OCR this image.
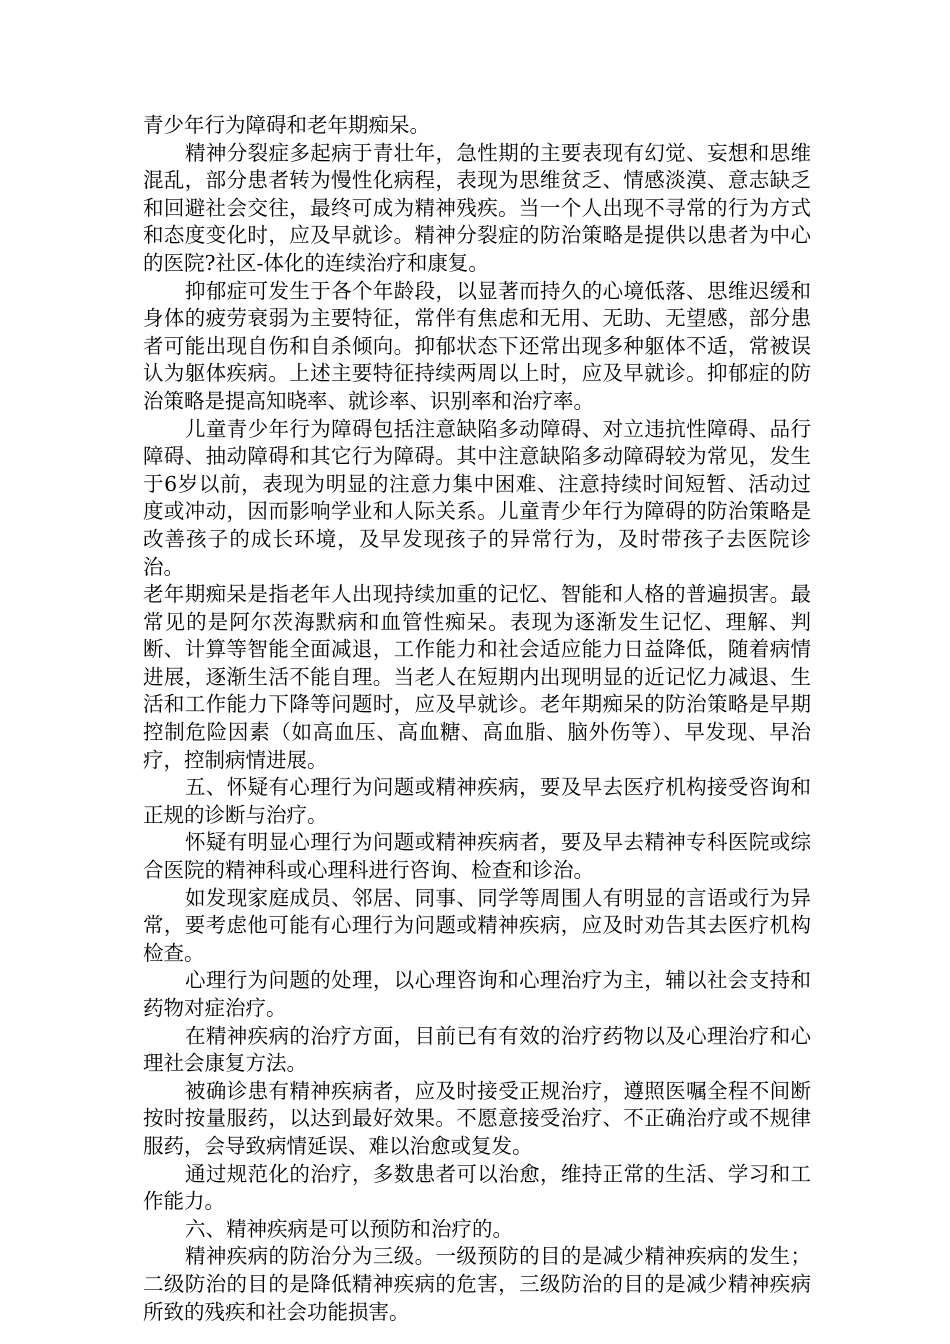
青少年行为障碍和老年期痴呆。

精神分裂症多起病于青壮年，急性期的主要表现有幻觉、妄想和思维混乱，部分患者转为慢性化病程，表现为思维贫乏、情感淡漠、意志缺乏和回避社会交往，最终可成为精神残疾。当一个人出现不寻常的行为方式和态度变化时，应及早就诊。精神分裂症的防治策略是提供以患者为中心的医院?社区-体化的连续治疗和康复。

抑郁症可发生于各个年龄段，以显著而持久的心境低落、思维迟缓和身体的疲劳衰弱为主要特征，常伴有焦虑和无用、无助、无望感，部分患者可能出现自伤和自杀倾向。抑郁状态下还常出现多种躯体不适，常被误认为躯体疾病。上述主要特征持续两周以上时，应及早就诊。抑郁症的防治策略是提高知晓率、就诊率、识别率和治疗率。

儿童青少年行为障碍包括注意缺陷多动障碍、对立违抗性障碍、品行障碍、抽动障碍和其它行为障碍。其中注意缺陷多动障碍较为常见，发生于6岁以前，表现为明显的注意力集中困难、注意持续时间短暂、活动过度或冲动，因而影响学业和人际关系。儿童青少年行为障碍的防治策略是改善孩子的成长环境，及早发现孩子的异常行为，及时带孩子去医院诊治。

老年期痴呆是指老年人出现持续加重的记忆、智能和人格的普遍损害。最常见的是阿尔茨海默病和血管性痴呆。表现为逐渐发生记忆、理解、判断、计算等智能全面减退，工作能力和社会适应能力日益降低，随着病情进展，逐渐生活不能自理。当老人在短期内出现明显的近记忆力减退、生活和工作能力下降等问题时，应及早就诊。老年期痴呆的防治策略是早期控制危险因素（如高血压、高血糖、高血脂、脑外伤等）、早发现、早治疗，控制病情进展。

五、怀疑有心理行为问题或精神疾病，要及早去医疗机构接受咨询和正规的诊断与治疗。

怀疑有明显心理行为问题或精神疾病者，要及早去精神专科医院或综合医院的精神科或心理科进行咨询、检查和诊治。

如发现家庭成员、邻居、同事、同学等周围人有明显的言语或行为异常，要考虑他可能有心理行为问题或精神疾病，应及时劝告其去医疗机构检查。

心理行为问题的处理，以心理咨询和心理治疗为主，辅以社会支持和药物对症治疗。

在精神疾病的治疗方面，目前已有有效的治疗药物以及心理治疗和心理社会康复方法。

被确诊患有精神疾病者，应及时接受正规治疗，遵照医嘱全程不间断按时按量服药，以达到最好效果。不愿意接受治疗、不正确治疗或不规律服药，会导致病情延误、难以治愈或复发。

通过规范化的治疗，多数患者可以治愈，维持正常的生活、学习和工作能力。

六、精神疾病是可以预防和治疗的。

精神疾病的防治分为三级。一级预防的目的是减少精神疾病的发生；二级防治的目的是降低精神疾病的危害，三级防治的目的是减少精神疾病所致的残疾和社会功能损害。
